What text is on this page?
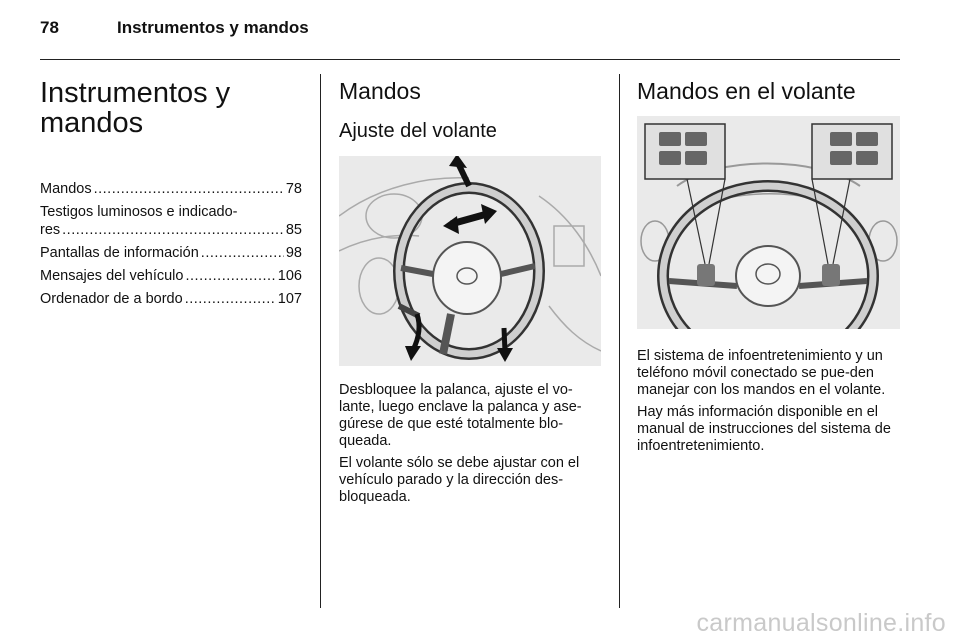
78	Instrumentos y mandos
Instrumentos y
mandos
Mandos .....	78
Testigos luminosos e indicado-
res .....	85
Pantallas de información .....	98
Mensajes del vehículo .....	106
Ordenador de a bordo .....	107
Mandos
Ajuste del volante

Desbloquee la palanca, ajuste el vo-lante, luego enclave la palanca y ase-gúrese de que esté totalmente blo-queada.

El volante sólo se debe ajustar con el vehículo parado y la dirección des-bloqueada.

Mandos en el volante

El sistema de infoentretenimiento y un teléfono móvil conectado se pue-den manejar con los mandos en el volante.

Hay más información disponible en el manual de instrucciones del sistema de infoentretenimiento.

carmanualsonline.info
